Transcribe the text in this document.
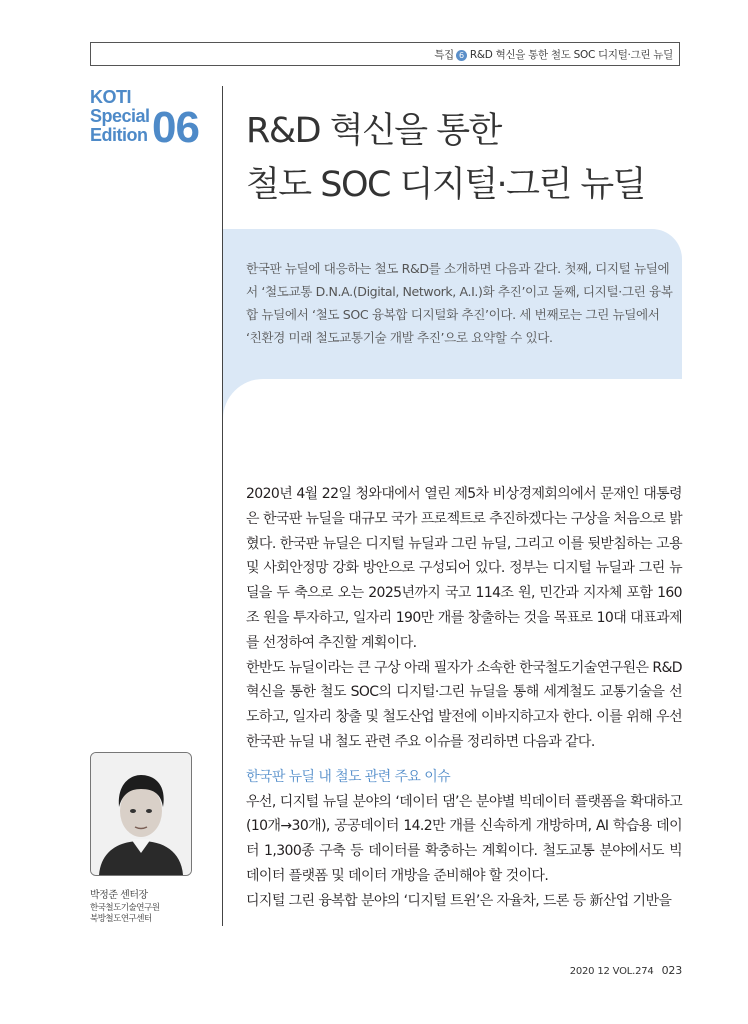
특집 6 R&D 혁신을 통한 철도 SOC 디지털·그린 뉴딜
KOTI
Special
Edition 06 R&D 혁신을 통한
철도 SOC 디지털·그린 뉴딜
한국판 뉴딜에 대응하는 철도 R&D를 소개하면 다음과 같다. 첫째, 디지털 뉴딜에서 ‘철도교통 D.N.A.(Digital, Network, A.I.)화 추진’이고 둘째, 디지털·그린 융복합 뉴딜에서 ‘철도 SOC 융복합 디지털화 추진’이다. 세 번째로는 그린 뉴딜에서 ‘친환경 미래 철도교통기술 개발 추진’으로 요약할 수 있다.

2020년 4월 22일 청와대에서 열린 제5차 비상경제회의에서 문재인 대통령은 한국판 뉴딜을 대규모 국가 프로젝트로 추진하겠다는 구상을 처음으로 밝혔다. 한국판 뉴딜은 디지털 뉴딜과 그린 뉴딜, 그리고 이를 뒷받침하는 고용 및 사회안정망 강화 방안으로 구성되어 있다. 정부는 디지털 뉴딜과 그린 뉴딜을 두 축으로 오는 2025년까지 국고 114조 원, 민간과 지자체 포함 160조 원을 투자하고, 일자리 190만 개를 창출하는 것을 목표로 10대 대표과제를 선정하여 추진할 계획이다.

한반도 뉴딜이라는 큰 구상 아래 필자가 소속한 한국철도기술연구원은 R&D 혁신을 통한 철도 SOC의 디지털·그린 뉴딜을 통해 세계철도 교통기술을 선도하고, 일자리 창출 및 철도산업 발전에 이바지하고자 한다. 이를 위해 우선 한국판 뉴딜 내 철도 관련 주요 이슈를 정리하면 다음과 같다.

한국판 뉴딜 내 철도 관련 주요 이슈

우선, 디지털 뉴딜 분야의 ‘데이터 댐’은 분야별 빅데이터 플랫폼을 확대하고(10개→30개), 공공데이터 14.2만 개를 신속하게 개방하며, AI 학습용 데이터 1,300종 구축 등 데이터를 확충하는 계획이다. 철도교통 분야에서도 빅데이터 플랫폼 및 데이터 개방을 준비해야 할 것이다.

디지털 그린 융복합 분야의 ‘디지털 트윈’은 자율차, 드론 등 新산업 기반을

박정준 센터장
한국철도기술연구원
북방철도연구센터
2020 12 VOL.274 023
